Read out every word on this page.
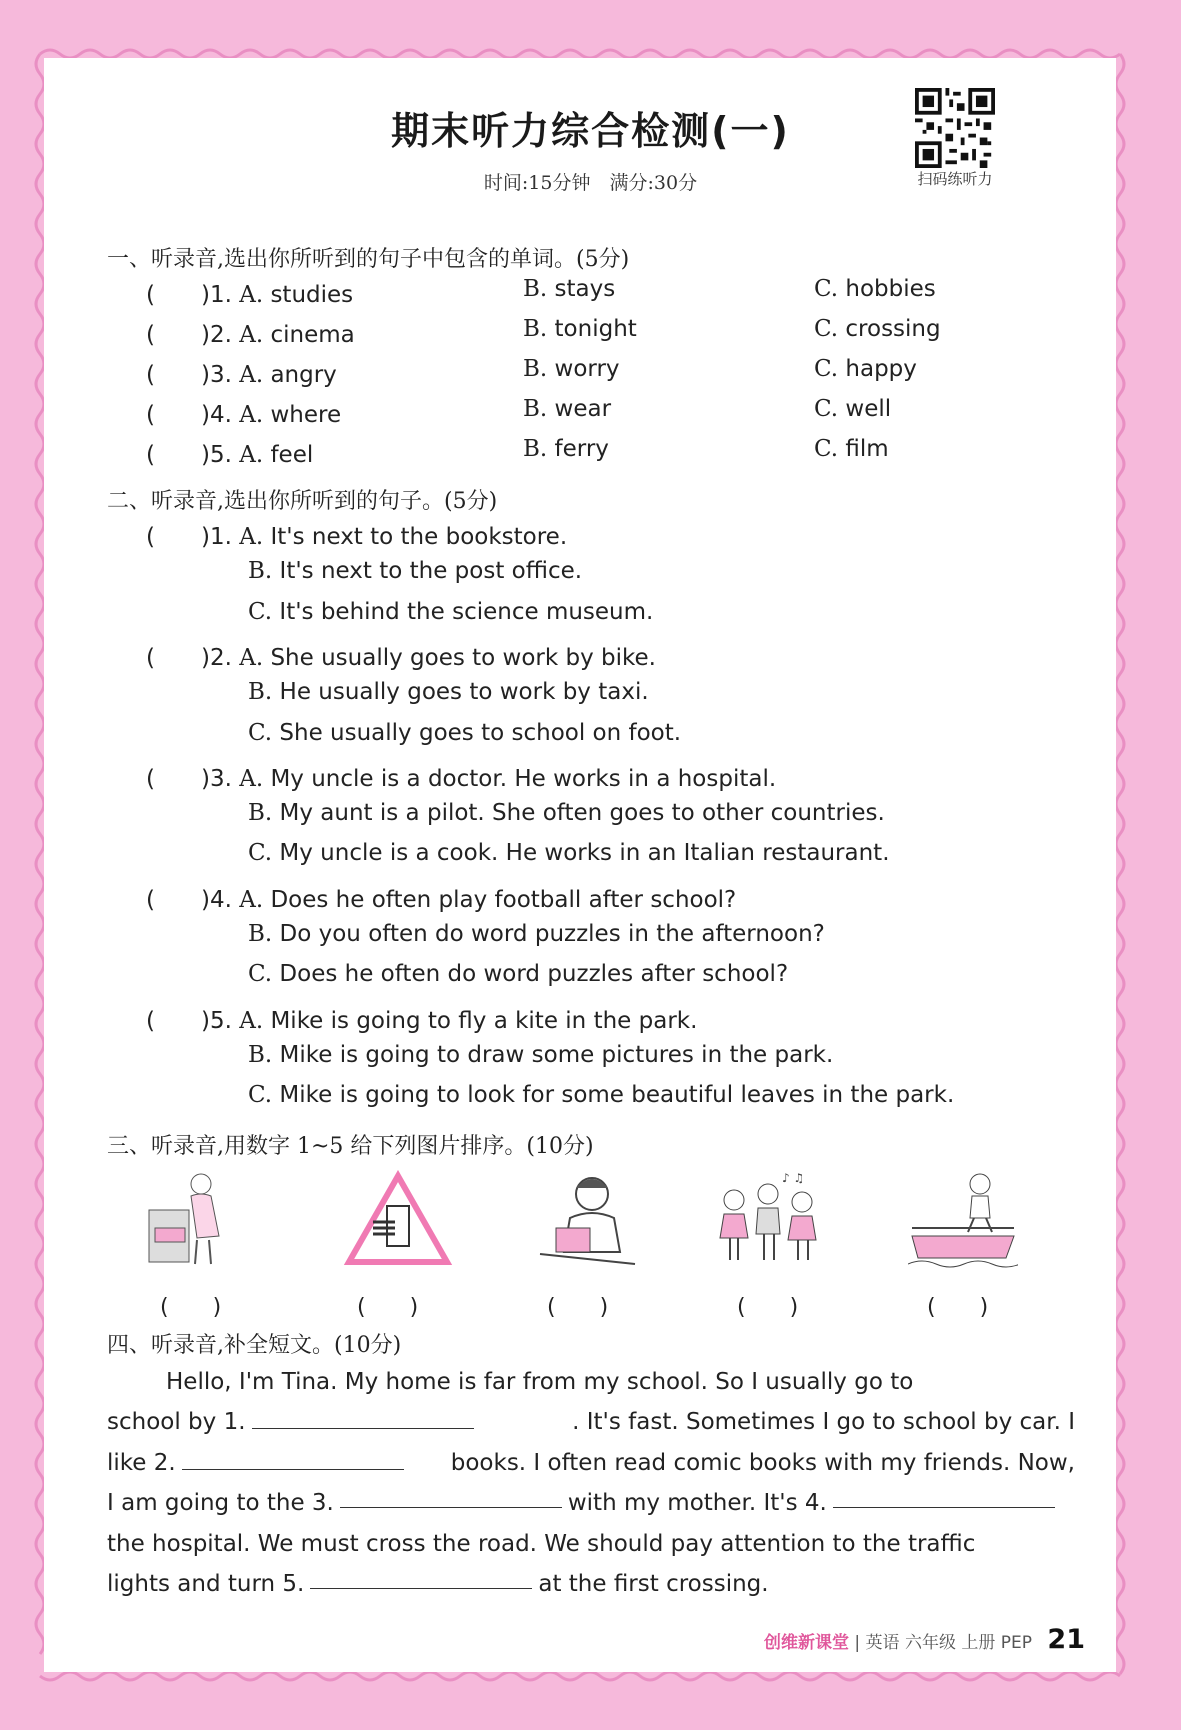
期末听力综合检测(一)
时间:15分钟　满分:30分	扫码练听力
一、听录音,选出你所听到的句子中包含的单词。(5分)
(　　)1. A. studies	B. stays	C. hobbies
(　　)2. A. cinema	B. tonight	C. crossing
(　　)3. A. angry	B. worry	C. happy
(　　)4. A. where	B. wear	C. well
(　　)5. A. feel	B. ferry	C. film
二、听录音,选出你所听到的句子。(5分)
(　　)1. A. It's next to the bookstore.
B. It's next to the post office.
C. It's behind the science museum.
(　　)2. A. She usually goes to work by bike.
B. He usually goes to work by taxi.
C. She usually goes to school on foot.
(　　)3. A. My uncle is a doctor. He works in a hospital.
B. My aunt is a pilot. She often goes to other countries.
C. My uncle is a cook. He works in an Italian restaurant.
(　　)4. A. Does he often play football after school?
B. Do you often do word puzzles in the afternoon?
C. Does he often do word puzzles after school?
(　　)5. A. Mike is going to fly a kite in the park.
B. Mike is going to draw some pictures in the park.
C. Mike is going to look for some beautiful leaves in the park.
三、听录音,用数字 1~5 给下列图片排序。(10分)
♪ ♫
(　　)	(　　)	(　　)	(　　)	(　　)
四、听录音,补全短文。(10分)
Hello, I'm Tina. My home is far from my school. So I usually go to
school by 1.	. It's fast. Sometimes I go to school by car. I
like 2.	books. I often read comic books with my friends. Now,
I am going to the 3.	with my mother. It's 4.
the hospital. We must cross the road. We should pay attention to the traffic
lights and turn 5.	at the first crossing.
创维新课堂 | 英语 六年级 上册 PEP 21
